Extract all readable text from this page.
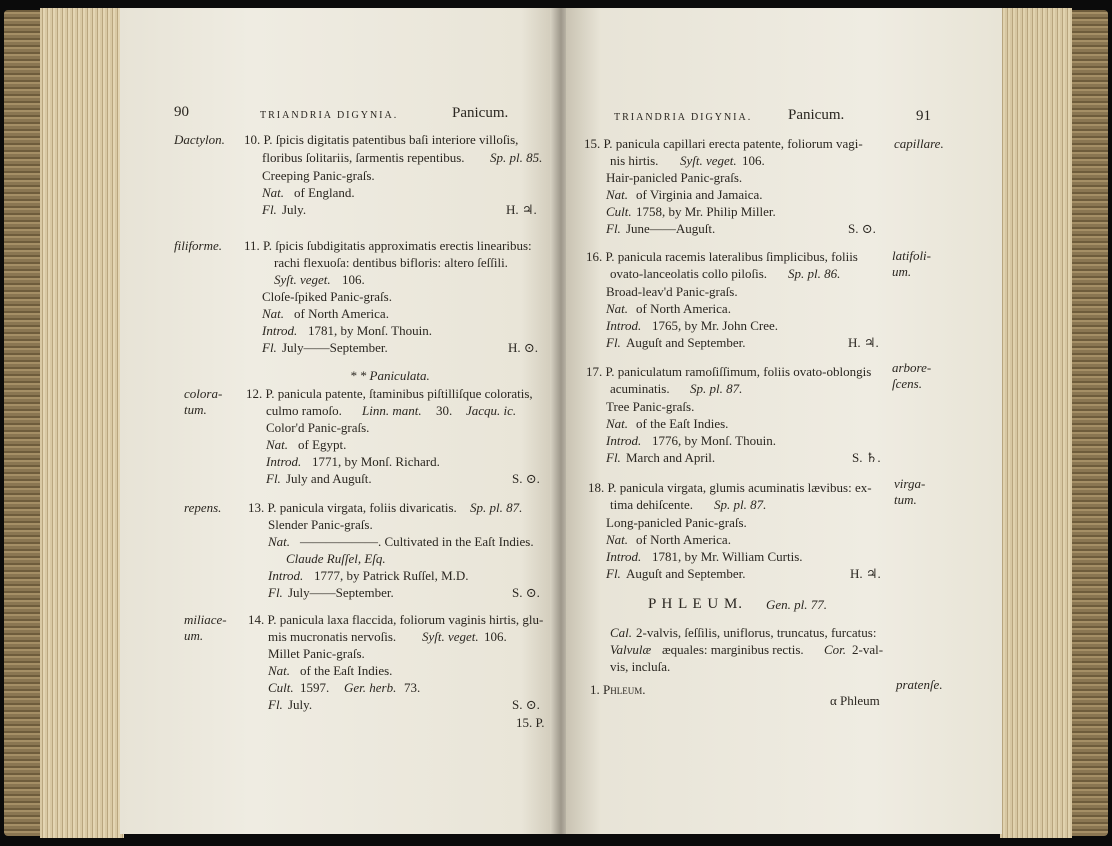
90	TRIANDRIA DIGYNIA.	Panicum.
Dactylon. 10. P. ſpicis digitatis patentibus baſi interiore villoſis,
floribus ſolitariis, ſarmentis repentibus. Sp. pl. 85.
Creeping Panic-graſs.
Nat. of England.
Fl. July.	H. ♃.
filiforme. 11. P. ſpicis ſubdigitatis approximatis erectis linearibus:
rachi flexuoſa: dentibus bifloris: altero ſeſſili.
Syſt. veget. 106.
Cloſe-ſpiked Panic-graſs.
Nat. of North America.
Introd. 1781, by Monſ. Thouin.
Fl. July——September.	H. ⊙.
* * Paniculata.
colora-
tum.
12. P. panicula patente, ſtaminibus piſtilliſque coloratis,
culmo ramoſo. Linn. mant. 30. Jacqu. ic.
Color'd Panic-graſs.
Nat. of Egypt.
Introd. 1771, by Monſ. Richard.
Fl. July and Auguſt.	S. ⊙.
repens. 13. P. panicula virgata, foliis divaricatis. Sp. pl. 87.
Slender Panic-graſs.
Nat. ——————. Cultivated in the Eaſt Indies.
Claude Ruſſel, Eſq.
Introd. 1777, by Patrick Ruſſel, M.D.
Fl. July——September.	S. ⊙.
miliace-
um.
14. P. panicula laxa flaccida, foliorum vaginis hirtis, glu-
mis mucronatis nervoſis. Syſt. veget. 106.
Millet Panic-graſs.
Nat. of the Eaſt Indies.
Cult. 1597. Ger. herb. 73.
Fl. July.	S. ⊙.
15. P.
TRIANDRIA DIGYNIA. Panicum.	91
15. P. panicula capillari erecta patente, foliorum vagi- capillare.
nis hirtis. Syſt. veget. 106.
Hair-panicled Panic-graſs.
Nat. of Virginia and Jamaica.
Cult. 1758, by Mr. Philip Miller.
Fl. June——Auguſt.	S. ⊙.
16. P. panicula racemis lateralibus ſimplicibus, foliis	latifoli-
um.
ovato-lanceolatis collo piloſis. Sp. pl. 86.
Broad-leav'd Panic-graſs.
Nat. of North America.
Introd. 1765, by Mr. John Cree.
Fl. Auguſt and September.	H. ♃.
17. P. paniculatum ramoſiſſimum, foliis ovato-oblongis arbore-
ſcens.
acuminatis. Sp. pl. 87.
Tree Panic-graſs.
Nat. of the Eaſt Indies.
Introd. 1776, by Monſ. Thouin.
Fl. March and April.	S. ♄.
18. P. panicula virgata, glumis acuminatis lævibus: ex- virga-
tum.
tima dehiſcente. Sp. pl. 87.
Long-panicled Panic-graſs.
Nat. of North America.
Introd. 1781, by Mr. William Curtis.
Fl. Auguſt and September.	H. ♃.
P H L E U M. Gen. pl. 77.
Cal. 2-valvis, ſeſſilis, uniflorus, truncatus, furcatus:
Valvulæ æquales: marginibus rectis. Cor. 2-val-
vis, incluſa.
1. Phleum.	pratenſe.
α Phleum
